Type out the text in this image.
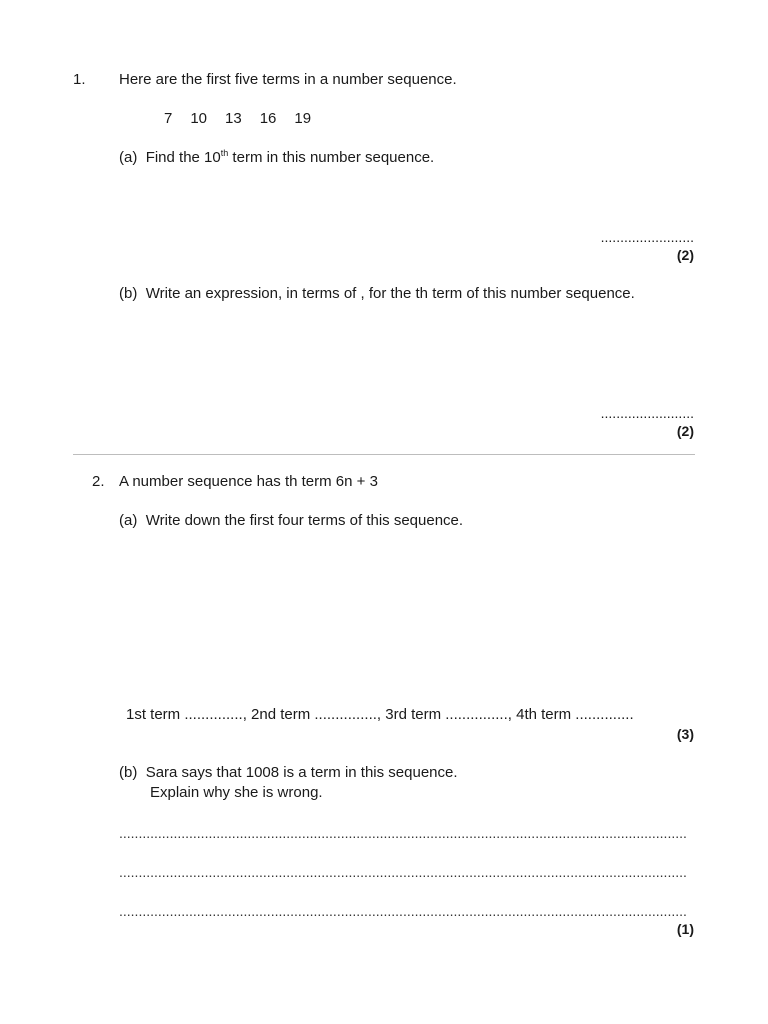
1. Here are the first five terms in a number sequence.
7 10 13 16 19
(a) Find the 10th term in this number sequence.
........................
(2)
(b) Write an expression, in terms of , for the th term of this number sequence.
........................
(2)
2. A number sequence has th term 6n + 3
(a) Write down the first four terms of this sequence.
1st term .............., 2nd term ..............., 3rd term ..............., 4th term ..............
(3)
(b) Sara says that 1008 is a term in this sequence.
Explain why she is wrong.
..................................................................................................................................................
..................................................................................................................................................
..................................................................................................................................................
(1)
